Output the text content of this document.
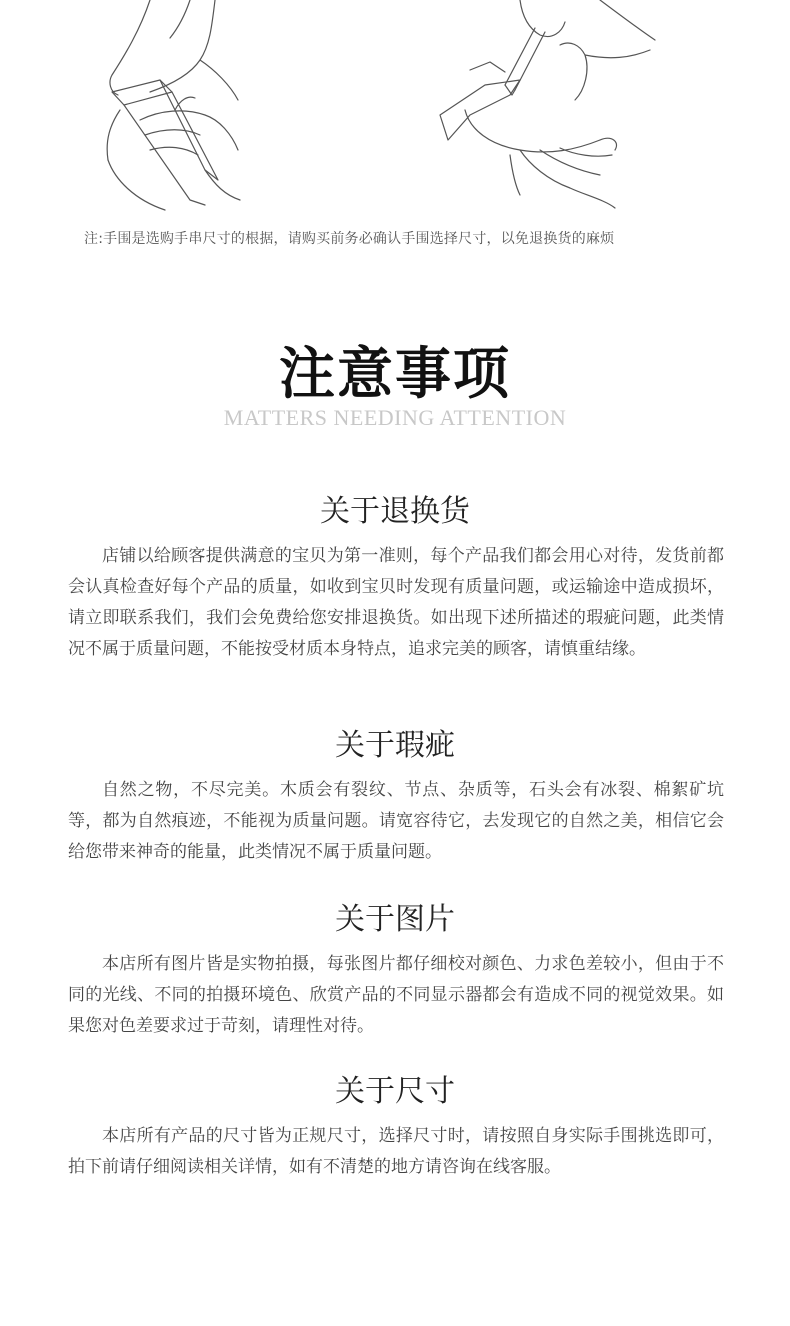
注:手围是选购手串尺寸的根据，请购买前务必确认手围选择尺寸，以免退换货的麻烦
注意事项
MATTERS NEEDING ATTENTION
关于退换货
店铺以给顾客提供满意的宝贝为第一准则，每个产品我们都会用心对待，发货前都会认真检查好每个产品的质量，如收到宝贝时发现有质量问题，或运输途中造成损坏，请立即联系我们，我们会免费给您安排退换货。如出现下述所描述的瑕疵问题，此类情况不属于质量问题，不能按受材质本身特点，追求完美的顾客，请慎重结缘。
关于瑕疵
自然之物，不尽完美。木质会有裂纹、节点、杂质等，石头会有冰裂、棉絮矿坑等，都为自然痕迹，不能视为质量问题。请宽容待它，去发现它的自然之美，相信它会给您带来神奇的能量，此类情况不属于质量问题。
关于图片
本店所有图片皆是实物拍摄，每张图片都仔细校对颜色、力求色差较小，但由于不同的光线、不同的拍摄环境色、欣赏产品的不同显示器都会有造成不同的视觉效果。如果您对色差要求过于苛刻，请理性对待。
关于尺寸
本店所有产品的尺寸皆为正规尺寸，选择尺寸时，请按照自身实际手围挑选即可，拍下前请仔细阅读相关详情，如有不清楚的地方请咨询在线客服。
